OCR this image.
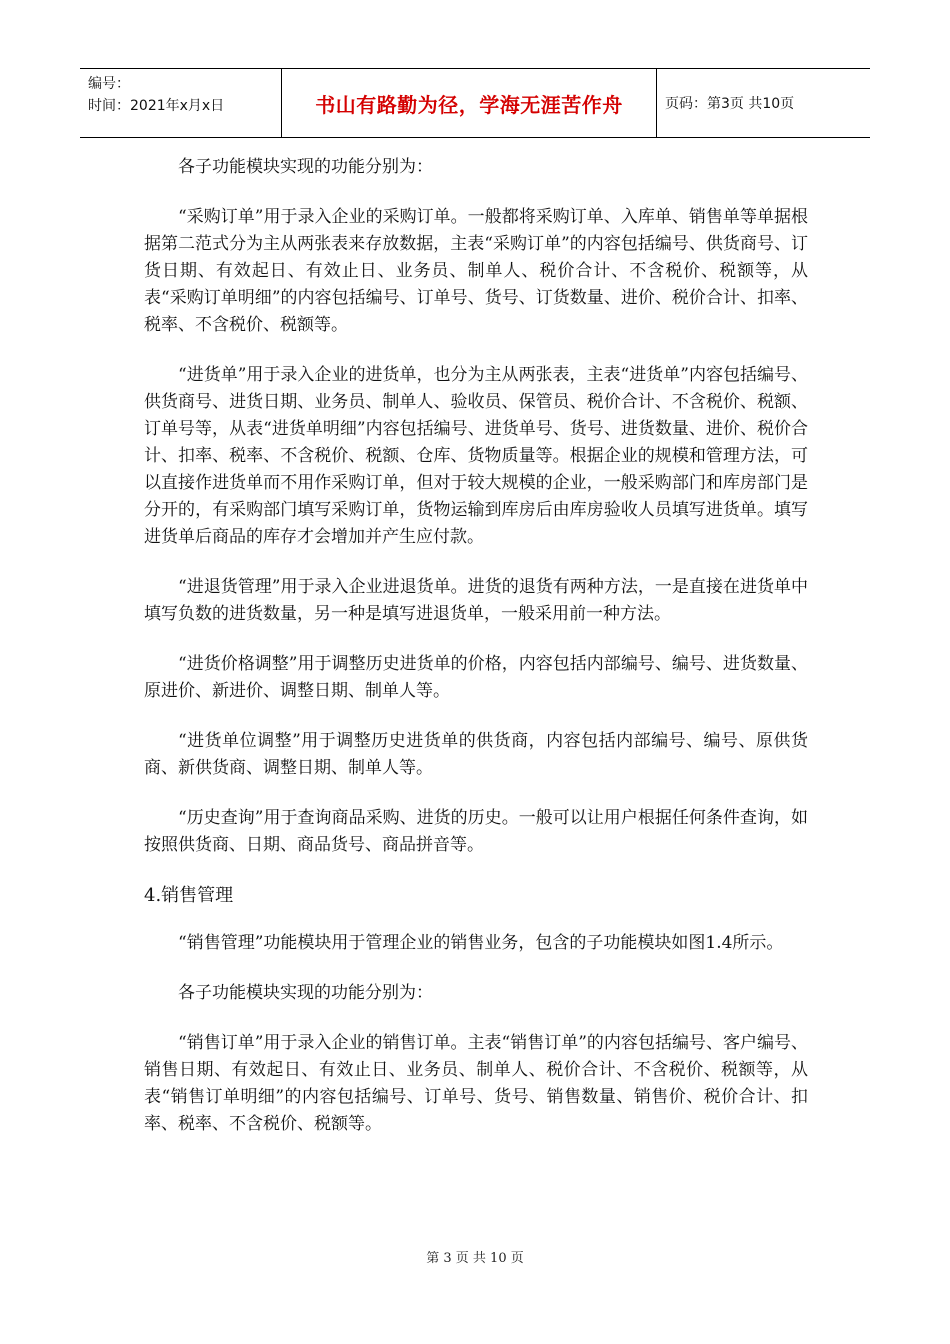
编号：
时间：2021年x月x日	书山有路勤为径，学海无涯苦作舟	页码：第3页 共10页

各子功能模块实现的功能分别为：

“采购订单”用于录入企业的采购订单。一般都将采购订单、入库单、销售单等单据根据第二范式分为主从两张表来存放数据，主表“采购订单”的内容包括编号、供货商号、订货日期、有效起日、有效止日、业务员、制单人、税价合计、不含税价、税额等，从表“采购订单明细”的内容包括编号、订单号、货号、订货数量、进价、税价合计、扣率、税率、不含税价、税额等。

“进货单”用于录入企业的进货单，也分为主从两张表，主表“进货单”内容包括编号、供货商号、进货日期、业务员、制单人、验收员、保管员、税价合计、不含税价、税额、订单号等，从表“进货单明细”内容包括编号、进货单号、货号、进货数量、进价、税价合计、扣率、税率、不含税价、税额、仓库、货物质量等。根据企业的规模和管理方法，可以直接作进货单而不用作采购订单，但对于较大规模的企业，一般采购部门和库房部门是分开的，有采购部门填写采购订单，货物运输到库房后由库房验收人员填写进货单。填写进货单后商品的库存才会增加并产生应付款。

“进退货管理”用于录入企业进退货单。进货的退货有两种方法，一是直接在进货单中填写负数的进货数量，另一种是填写进退货单，一般采用前一种方法。

“进货价格调整”用于调整历史进货单的价格，内容包括内部编号、编号、进货数量、原进价、新进价、调整日期、制单人等。

“进货单位调整”用于调整历史进货单的供货商，内容包括内部编号、编号、原供货商、新供货商、调整日期、制单人等。

“历史查询”用于查询商品采购、进货的历史。一般可以让用户根据任何条件查询，如按照供货商、日期、商品货号、商品拼音等。

4.销售管理

“销售管理”功能模块用于管理企业的销售业务，包含的子功能模块如图1.4所示。

各子功能模块实现的功能分别为：

“销售订单”用于录入企业的销售订单。主表“销售订单”的内容包括编号、客户编号、销售日期、有效起日、有效止日、业务员、制单人、税价合计、不含税价、税额等，从表“销售订单明细”的内容包括编号、订单号、货号、销售数量、销售价、税价合计、扣率、税率、不含税价、税额等。

第 3 页 共 10 页
